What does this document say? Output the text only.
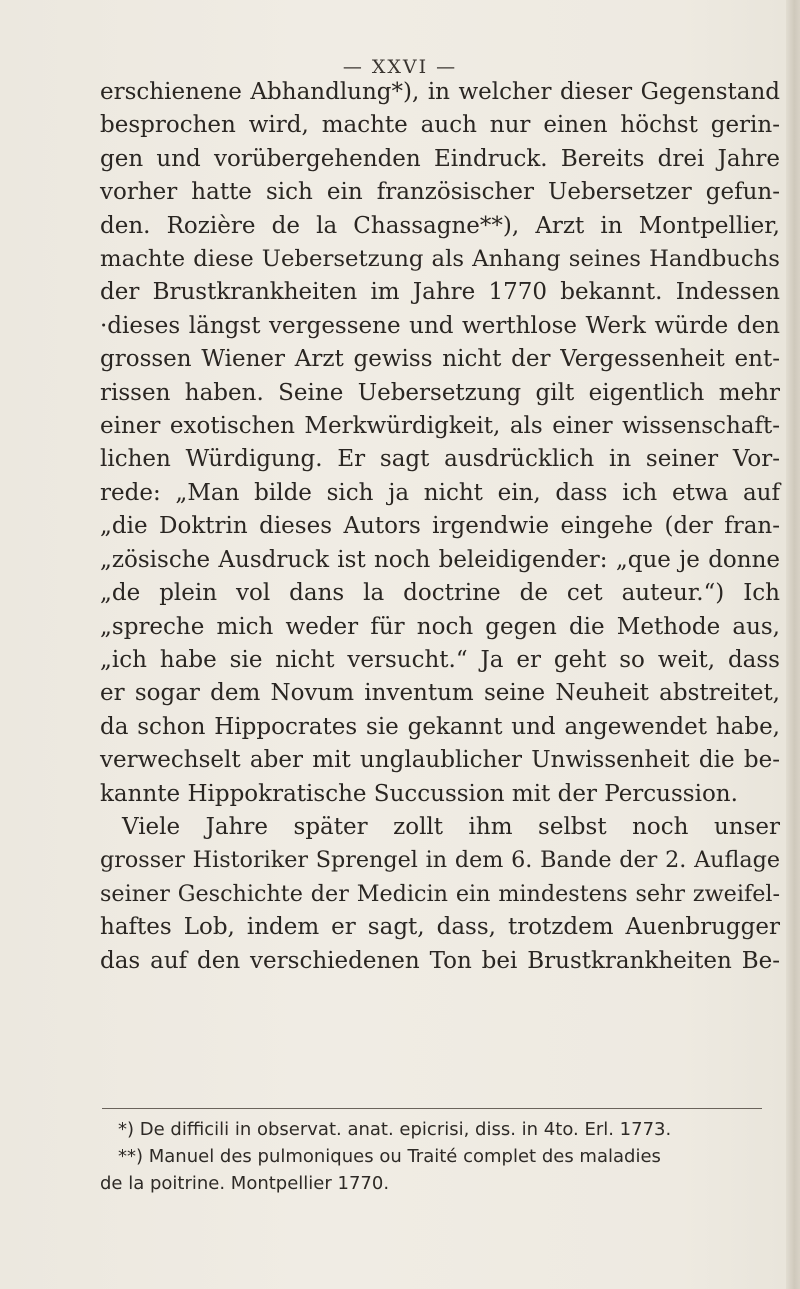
— XXVI —
erschienene Abhandlung*), in welcher dieser Gegenstand
besprochen wird, machte auch nur einen höchst gerin-
gen und vorübergehenden Eindruck. Bereits drei Jahre
vorher hatte sich ein französischer Uebersetzer gefun-
den. Rozière de la Chassagne**), Arzt in Montpellier,
machte diese Uebersetzung als Anhang seines Handbuchs
der Brustkrankheiten im Jahre 1770 bekannt. Indessen
·dieses längst vergessene und werthlose Werk würde den
grossen Wiener Arzt gewiss nicht der Vergessenheit ent-
rissen haben. Seine Uebersetzung gilt eigentlich mehr
einer exotischen Merkwürdigkeit, als einer wissenschaft-
lichen Würdigung. Er sagt ausdrücklich in seiner Vor-
rede: „Man bilde sich ja nicht ein, dass ich etwa auf
„die Doktrin dieses Autors irgendwie eingehe (der fran-
„zösische Ausdruck ist noch beleidigender: „que je donne
„de plein vol dans la doctrine de cet auteur.“) Ich
„spreche mich weder für noch gegen die Methode aus,
„ich habe sie nicht versucht.“ Ja er geht so weit, dass
er sogar dem Novum inventum seine Neuheit abstreitet,
da schon Hippocrates sie gekannt und angewendet habe,
verwechselt aber mit unglaublicher Unwissenheit die be-
kannte Hippokratische Succussion mit der Percussion.
Viele Jahre später zollt ihm selbst noch unser
grosser Historiker Sprengel in dem 6. Bande der 2. Auflage
seiner Geschichte der Medicin ein mindestens sehr zweifel-
haftes Lob, indem er sagt, dass, trotzdem Auenbrugger
das auf den verschiedenen Ton bei Brustkrankheiten Be-
*) De difficili in observat. anat. epicrisi, diss. in 4to. Erl. 1773.
**) Manuel des pulmoniques ou Traité complet des maladies
de la poitrine. Montpellier 1770.
